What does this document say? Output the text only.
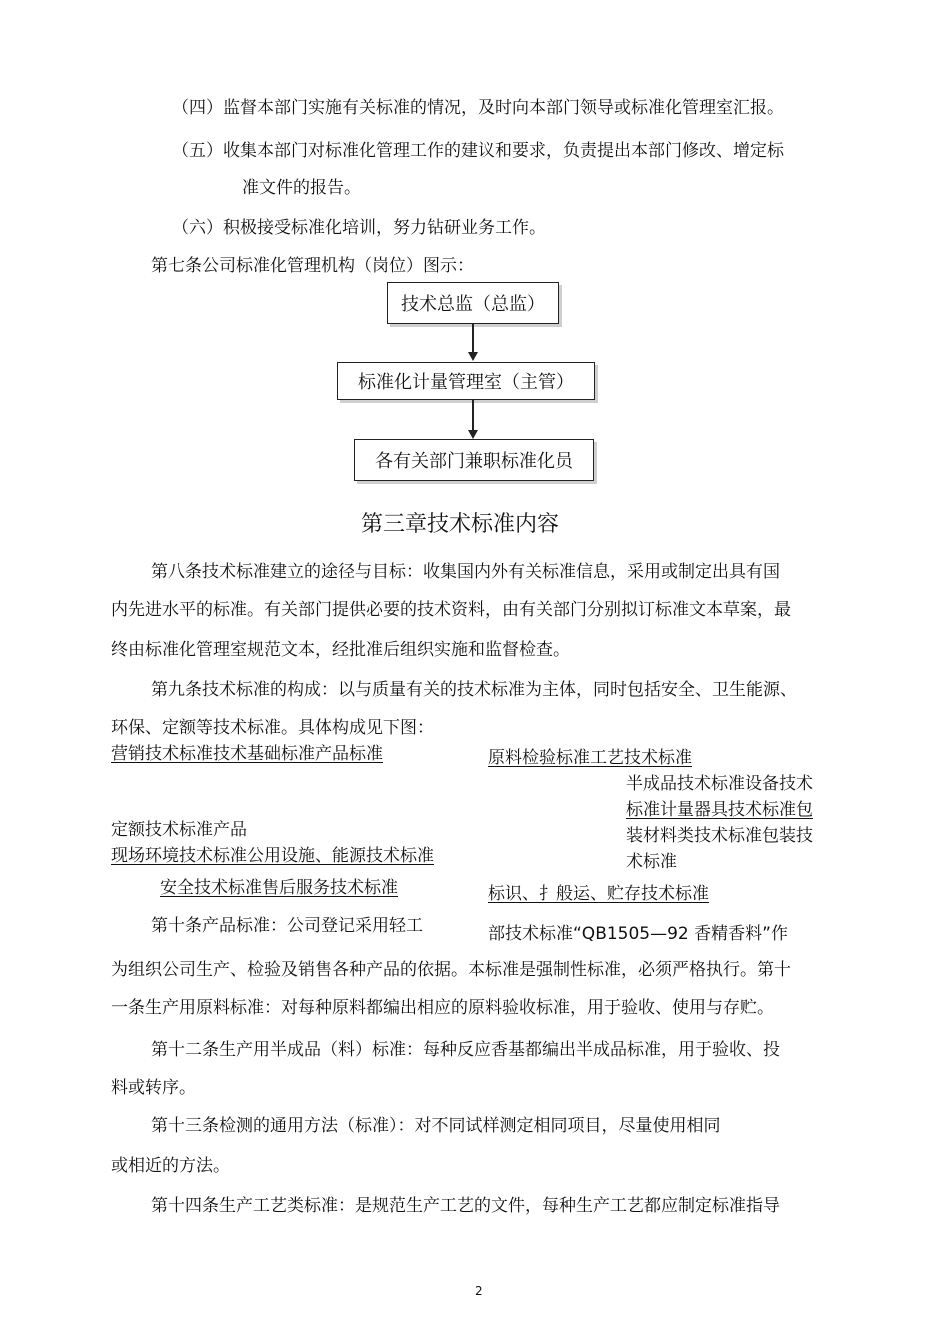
（四）监督本部门实施有关标准的情况，及时向本部门领导或标准化管理室汇报。
（五）收集本部门对标准化管理工作的建议和要求，负责提出本部门修改、增定标
准文件的报告。
（六）积极接受标准化培训，努力钻研业务工作。
第七条公司标准化管理机构（岗位）图示：
技术总监（总监）
标准化计量管理室（主管）
各有关部门兼职标准化员
第三章技术标准内容
第八条技术标准建立的途径与目标：收集国内外有关标准信息，采用或制定出具有国
内先进水平的标准。有关部门提供必要的技术资料，由有关部门分别拟订标准文本草案，最
终由标准化管理室规范文本，经批准后组织实施和监督检查。
第九条技术标准的构成：以与质量有关的技术标准为主体，同时包括安全、卫生能源、
环保、定额等技术标准。具体构成见下图：
营销技术标准技术基础标准产品标准	原料检验标准工艺技术标准
半成品技术标准设备技术
标准计量器具技术标准包
装材料类技术标准包装技
术标准
定额技术标准产品
现场环境技术标准公用设施、能源技术标准
安全技术标准售后服务技术标准	标识、扌般运、贮存技术标准
第十条产品标准：公司登记采用轻工	部技术标准“QB1505—92 香精香料”作
为组织公司生产、检验及销售各种产品的依据。本标准是强制性标准，必须严格执行。第十
一条生产用原料标准：对每种原料都编出相应的原料验收标准，用于验收、使用与存贮。
第十二条生产用半成品（料）标准：每种反应香基都编出半成品标准，用于验收、投
料或转序。
第十三条检测的通用方法（标准）：对不同试样测定相同项目，尽量使用相同
或相近的方法。
第十四条生产工艺类标准：是规范生产工艺的文件，每种生产工艺都应制定标准指导
2
